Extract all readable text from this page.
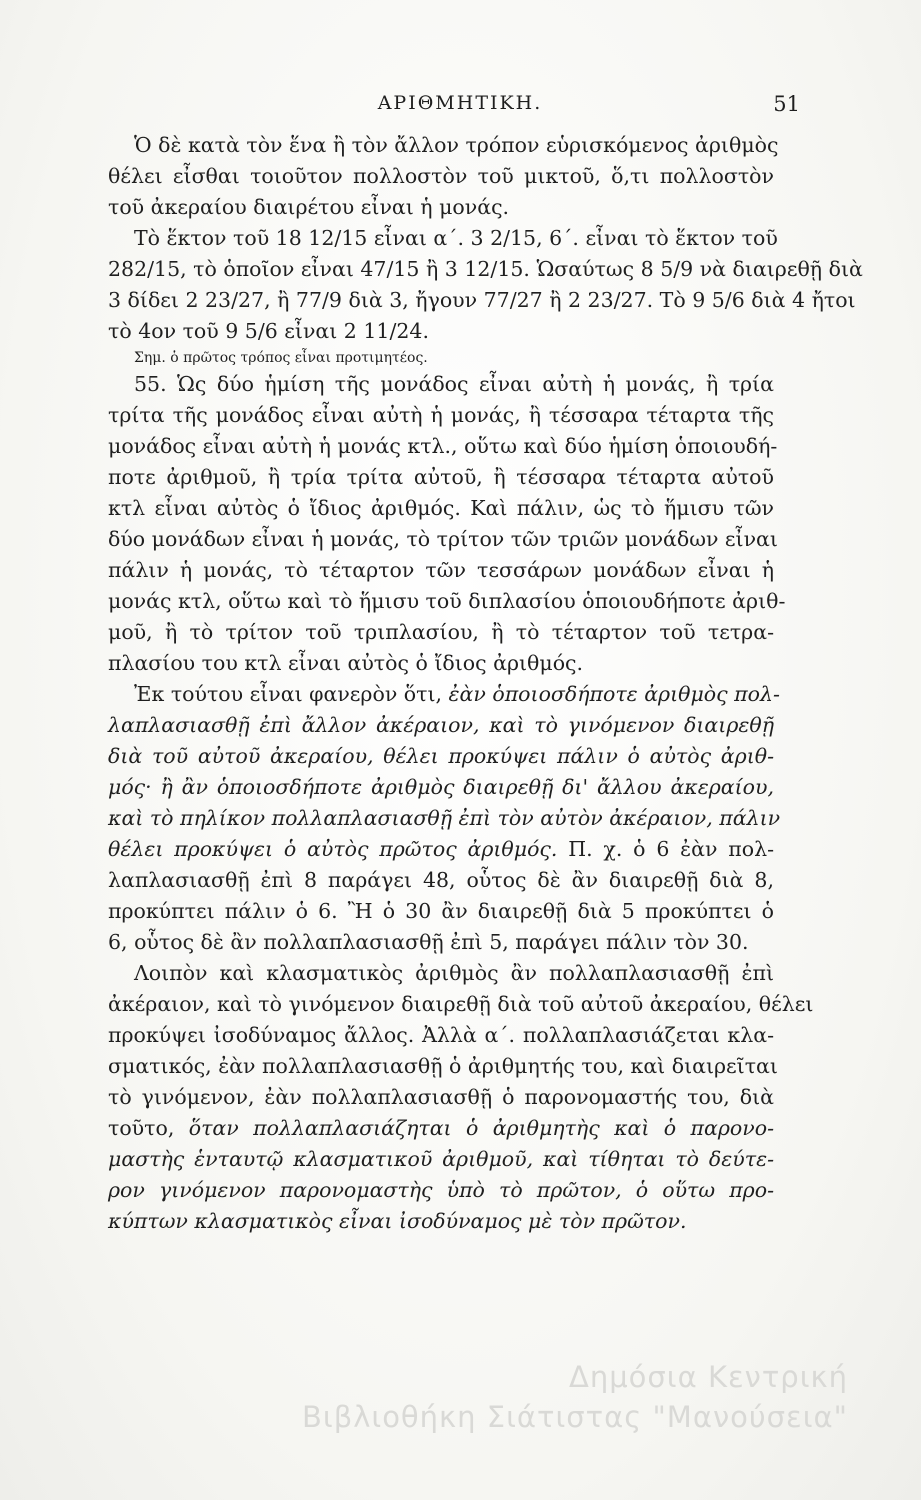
ΑΡΙΘΜΗΤΙΚΗ.	51
Ὁ δὲ κατὰ τὸν ἕνα ἢ τὸν ἄλλον τρόπον εὑρισκόμενος ἀριθμὸς
θέλει εἶσθαι τοιοῦτον πολλοστὸν τοῦ μικτοῦ, ὅ,τι πολλοστὸν
τοῦ ἀκεραίου διαιρέτου εἶναι ἡ μονάς.
Τὸ ἕκτον τοῦ 18 12/15 εἶναι α΄. 3 2/15, 6΄. εἶναι τὸ ἕκτον τοῦ
282/15, τὸ ὁποῖον εἶναι 47/15 ἢ 3 12/15. Ὡσαύτως 8 5/9 νὰ διαιρεθῇ διὰ
3 δίδει 2 23/27, ἢ 77/9 διὰ 3, ἤγουν 77/27 ἢ 2 23/27. Τὸ 9 5/6 διὰ 4 ἤτοι
τὸ 4ον τοῦ 9 5/6 εἶναι 2 11/24.
Σημ. ὁ πρῶτος τρόπος εἶναι προτιμητέος.
55. Ὡς δύο ἡμίση τῆς μονάδος εἶναι αὐτὴ ἡ μονάς, ἢ τρία
τρίτα τῆς μονάδος εἶναι αὐτὴ ἡ μονάς, ἢ τέσσαρα τέταρτα τῆς
μονάδος εἶναι αὐτὴ ἡ μονάς κτλ., οὕτω καὶ δύο ἡμίση ὁποιουδή-
ποτε ἀριθμοῦ, ἢ τρία τρίτα αὐτοῦ, ἢ τέσσαρα τέταρτα αὐτοῦ
κτλ εἶναι αὐτὸς ὁ ἴδιος ἀριθμός. Καὶ πάλιν, ὡς τὸ ἥμισυ τῶν
δύο μονάδων εἶναι ἡ μονάς, τὸ τρίτον τῶν τριῶν μονάδων εἶναι
πάλιν ἡ μονάς, τὸ τέταρτον τῶν τεσσάρων μονάδων εἶναι ἡ
μονάς κτλ, οὕτω καὶ τὸ ἥμισυ τοῦ διπλασίου ὁποιουδήποτε ἀριθ-
μοῦ, ἢ τὸ τρίτον τοῦ τριπλασίου, ἢ τὸ τέταρτον τοῦ τετρα-
πλασίου του κτλ εἶναι αὐτὸς ὁ ἴδιος ἀριθμός.
Ἐκ τούτου εἶναι φανερὸν ὅτι, ἐὰν ὁποιοσδήποτε ἀριθμὸς πολ-
λαπλασιασθῇ ἐπὶ ἄλλον ἀκέραιον, καὶ τὸ γινόμενον διαιρεθῇ
διὰ τοῦ αὐτοῦ ἀκεραίου, θέλει προκύψει πάλιν ὁ αὐτὸς ἀριθ-
μός· ἢ ἂν ὁποιοσδήποτε ἀριθμὸς διαιρεθῇ δι' ἄλλου ἀκεραίου,
καὶ τὸ πηλίκον πολλαπλασιασθῇ ἐπὶ τὸν αὐτὸν ἀκέραιον, πάλιν
θέλει προκύψει ὁ αὐτὸς πρῶτος ἀριθμός. Π. χ. ὁ 6 ἐὰν πολ-
λαπλασιασθῇ ἐπὶ 8 παράγει 48, οὗτος δὲ ἂν διαιρεθῇ διὰ 8,
προκύπτει πάλιν ὁ 6. Ἢ ὁ 30 ἂν διαιρεθῇ διὰ 5 προκύπτει ὁ
6, οὗτος δὲ ἂν πολλαπλασιασθῇ ἐπὶ 5, παράγει πάλιν τὸν 30.
Λοιπὸν καὶ κλασματικὸς ἀριθμὸς ἂν πολλαπλασιασθῇ ἐπὶ
ἀκέραιον, καὶ τὸ γινόμενον διαιρεθῇ διὰ τοῦ αὐτοῦ ἀκεραίου, θέλει
προκύψει ἰσοδύναμος ἄλλος. Ἀλλὰ α΄. πολλαπλασιάζεται κλα-
σματικός, ἐὰν πολλαπλασιασθῇ ὁ ἀριθμητής του, καὶ διαιρεῖται
τὸ γινόμενον, ἐὰν πολλαπλασιασθῇ ὁ παρονομαστής του, διὰ
τοῦτο, ὅταν πολλαπλασιάζηται ὁ ἀριθμητὴς καὶ ὁ παρονο-
μαστὴς ἑνταυτῷ κλασματικοῦ ἀριθμοῦ, καὶ τίθηται τὸ δεύτε-
ρον γινόμενον παρονομαστὴς ὑπὸ τὸ πρῶτον, ὁ οὕτω προ-
κύπτων κλασματικὸς εἶναι ἰσοδύναμος μὲ τὸν πρῶτον.
Δημόσια Κεντρική
Βιβλιοθήκη Σιάτιστας "Μανούσεια"
